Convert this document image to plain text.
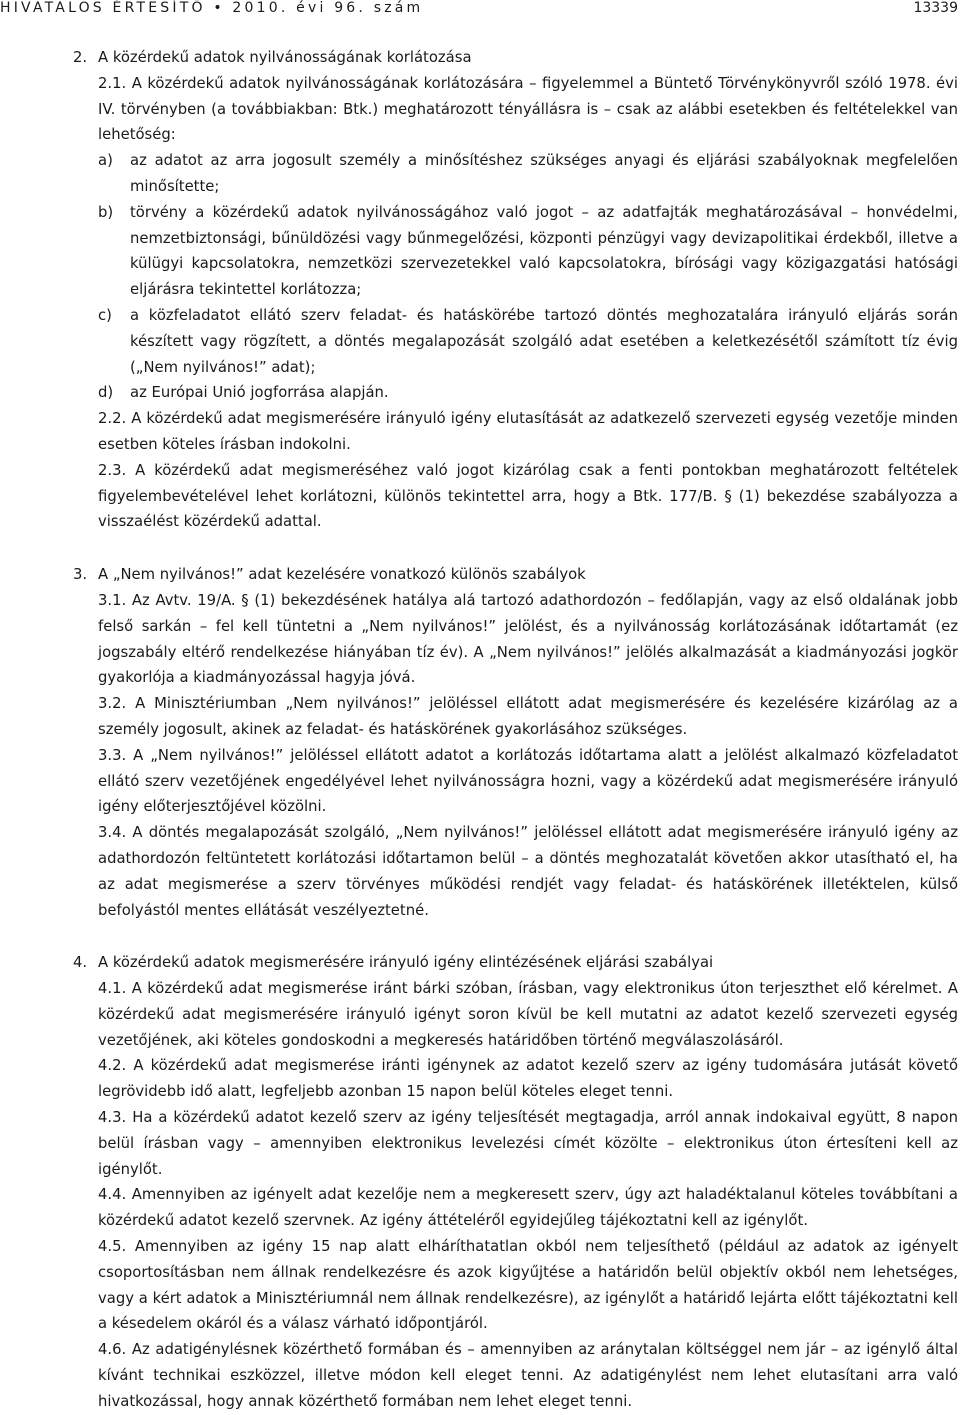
HIVATALOS ÉRTESÍTŐ • 2010. évi 96. szám	13339

2. A közérdekű adatok nyilvánosságának korlátozása

2.1. A közérdekű adatok nyilvánosságának korlátozására – figyelemmel a Büntető Törvénykönyvről szóló 1978. évi IV. törvényben (a továbbiakban: Btk.) meghatározott tényállásra is – csak az alábbi esetekben és feltételekkel van lehetőség:

a) az adatot az arra jogosult személy a minősítéshez szükséges anyagi és eljárási szabályoknak megfelelően minősítette;

b) törvény a közérdekű adatok nyilvánosságához való jogot – az adatfajták meghatározásával – honvédelmi, nemzetbiztonsági, bűnüldözési vagy bűnmegelőzési, központi pénzügyi vagy devizapolitikai érdekből, illetve a külügyi kapcsolatokra, nemzetközi szervezetekkel való kapcsolatokra, bírósági vagy közigazgatási hatósági eljárásra tekintettel korlátozza;

c) a közfeladatot ellátó szerv feladat- és hatáskörébe tartozó döntés meghozatalára irányuló eljárás során készített vagy rögzített, a döntés megalapozását szolgáló adat esetében a keletkezésétől számított tíz évig („Nem nyilvános!” adat);

d) az Európai Unió jogforrása alapján.

2.2. A közérdekű adat megismerésére irányuló igény elutasítását az adatkezelő szervezeti egység vezetője minden esetben köteles írásban indokolni.

2.3. A közérdekű adat megismeréséhez való jogot kizárólag csak a fenti pontokban meghatározott feltételek figyelembevételével lehet korlátozni, különös tekintettel arra, hogy a Btk. 177/B. § (1) bekezdése szabályozza a visszaélést közérdekű adattal.

3. A „Nem nyilvános!” adat kezelésére vonatkozó különös szabályok

3.1. Az Avtv. 19/A. § (1) bekezdésének hatálya alá tartozó adathordozón – fedőlapján, vagy az első oldalának jobb felső sarkán – fel kell tüntetni a „Nem nyilvános!” jelölést, és a nyilvánosság korlátozásának időtartamát (ez jogszabály eltérő rendelkezése hiányában tíz év). A „Nem nyilvános!” jelölés alkalmazását a kiadmányozási jogkör gyakorlója a kiadmányozással hagyja jóvá.

3.2. A Minisztériumban „Nem nyilvános!” jelöléssel ellátott adat megismerésére és kezelésére kizárólag az a személy jogosult, akinek az feladat- és hatáskörének gyakorlásához szükséges.

3.3. A „Nem nyilvános!” jelöléssel ellátott adatot a korlátozás időtartama alatt a jelölést alkalmazó közfeladatot ellátó szerv vezetőjének engedélyével lehet nyilvánosságra hozni, vagy a közérdekű adat megismerésére irányuló igény előterjesztőjével közölni.

3.4. A döntés megalapozását szolgáló, „Nem nyilvános!” jelöléssel ellátott adat megismerésére irányuló igény az adathordozón feltüntetett korlátozási időtartamon belül – a döntés meghozatalát követően akkor utasítható el, ha az adat megismerése a szerv törvényes működési rendjét vagy feladat- és hatáskörének illetéktelen, külső befolyástól mentes ellátását veszélyeztetné.

4. A közérdekű adatok megismerésére irányuló igény elintézésének eljárási szabályai

4.1. A közérdekű adat megismerése iránt bárki szóban, írásban, vagy elektronikus úton terjeszthet elő kérelmet. A közérdekű adat megismerésére irányuló igényt soron kívül be kell mutatni az adatot kezelő szervezeti egység vezetőjének, aki köteles gondoskodni a megkeresés határidőben történő megválaszolásáról.

4.2. A közérdekű adat megismerése iránti igénynek az adatot kezelő szerv az igény tudomására jutását követő legrövidebb idő alatt, legfeljebb azonban 15 napon belül köteles eleget tenni.

4.3. Ha a közérdekű adatot kezelő szerv az igény teljesítését megtagadja, arról annak indokaival együtt, 8 napon belül írásban vagy – amennyiben elektronikus levelezési címét közölte – elektronikus úton értesíteni kell az igénylőt.

4.4. Amennyiben az igényelt adat kezelője nem a megkeresett szerv, úgy azt haladéktalanul köteles továbbítani a közérdekű adatot kezelő szervnek. Az igény áttételéről egyidejűleg tájékoztatni kell az igénylőt.

4.5. Amennyiben az igény 15 nap alatt elháríthatatlan okból nem teljesíthető (például az adatok az igényelt csoportosításban nem állnak rendelkezésre és azok kigyűjtése a határidőn belül objektív okból nem lehetséges, vagy a kért adatok a Minisztériumnál nem állnak rendelkezésre), az igénylőt a határidő lejárta előtt tájékoztatni kell a késedelem okáról és a válasz várható időpontjáról.

4.6. Az adatigénylésnek közérthető formában és – amennyiben az aránytalan költséggel nem jár – az igénylő által kívánt technikai eszközzel, illetve módon kell eleget tenni. Az adatigénylést nem lehet elutasítani arra való hivatkozással, hogy annak közérthető formában nem lehet eleget tenni.
